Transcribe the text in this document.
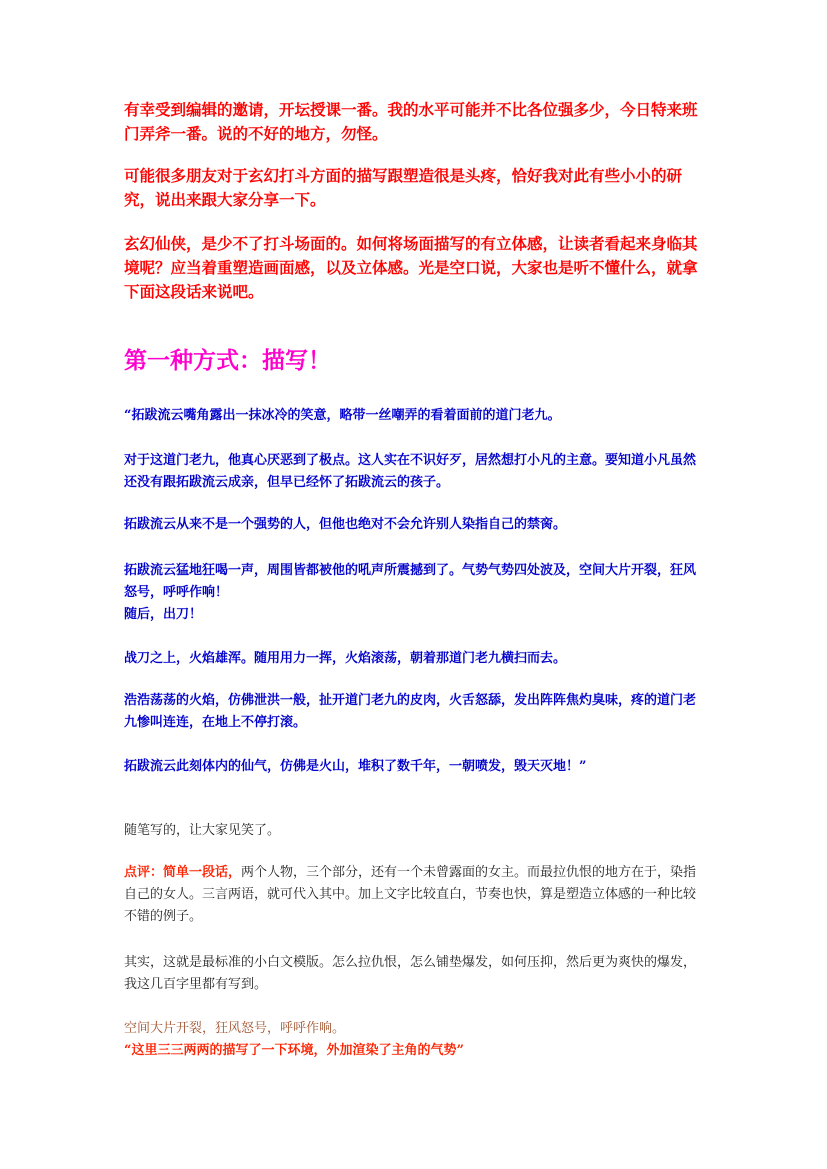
有幸受到编辑的邀请，开坛授课一番。我的水平可能并不比各位强多少，今日特来班门弄斧一番。说的不好的地方，勿怪。

可能很多朋友对于玄幻打斗方面的描写跟塑造很是头疼，恰好我对此有些小小的研究，说出来跟大家分享一下。

玄幻仙侠，是少不了打斗场面的。如何将场面描写的有立体感，让读者看起来身临其境呢？应当着重塑造画面感，以及立体感。光是空口说，大家也是听不懂什么，就拿下面这段话来说吧。

第一种方式：描写！

“拓跋流云嘴角露出一抹冰冷的笑意，略带一丝嘲弄的看着面前的道门老九。

对于这道门老九，他真心厌恶到了极点。这人实在不识好歹，居然想打小凡的主意。要知道小凡虽然还没有跟拓跋流云成亲，但早已经怀了拓跋流云的孩子。

拓跋流云从来不是一个强势的人，但他也绝对不会允许别人染指自己的禁脔。

拓跋流云猛地狂喝一声，周围皆都被他的吼声所震撼到了。气势气势四处波及，空间大片开裂，狂风怒号，呼呼作响！

随后，出刀！

战刀之上，火焰雄浑。随用用力一挥，火焰滚荡，朝着那道门老九横扫而去。

浩浩荡荡的火焰，仿佛泄洪一般，扯开道门老九的皮肉，火舌怒舔，发出阵阵焦灼臭味，疼的道门老九惨叫连连，在地上不停打滚。

拓跋流云此刻体内的仙气，仿佛是火山，堆积了数千年，一朝喷发，毁天灭地！”

随笔写的，让大家见笑了。

点评：简单一段话，两个人物，三个部分，还有一个未曾露面的女主。而最拉仇恨的地方在于，染指自己的女人。三言两语，就可代入其中。加上文字比较直白，节奏也快，算是塑造立体感的一种比较不错的例子。

其实，这就是最标准的小白文模版。怎么拉仇恨，怎么铺垫爆发，如何压抑，然后更为爽快的爆发，我这几百字里都有写到。

空间大片开裂，狂风怒号，呼呼作响。

“这里三三两两的描写了一下环境，外加渲染了主角的气势”
